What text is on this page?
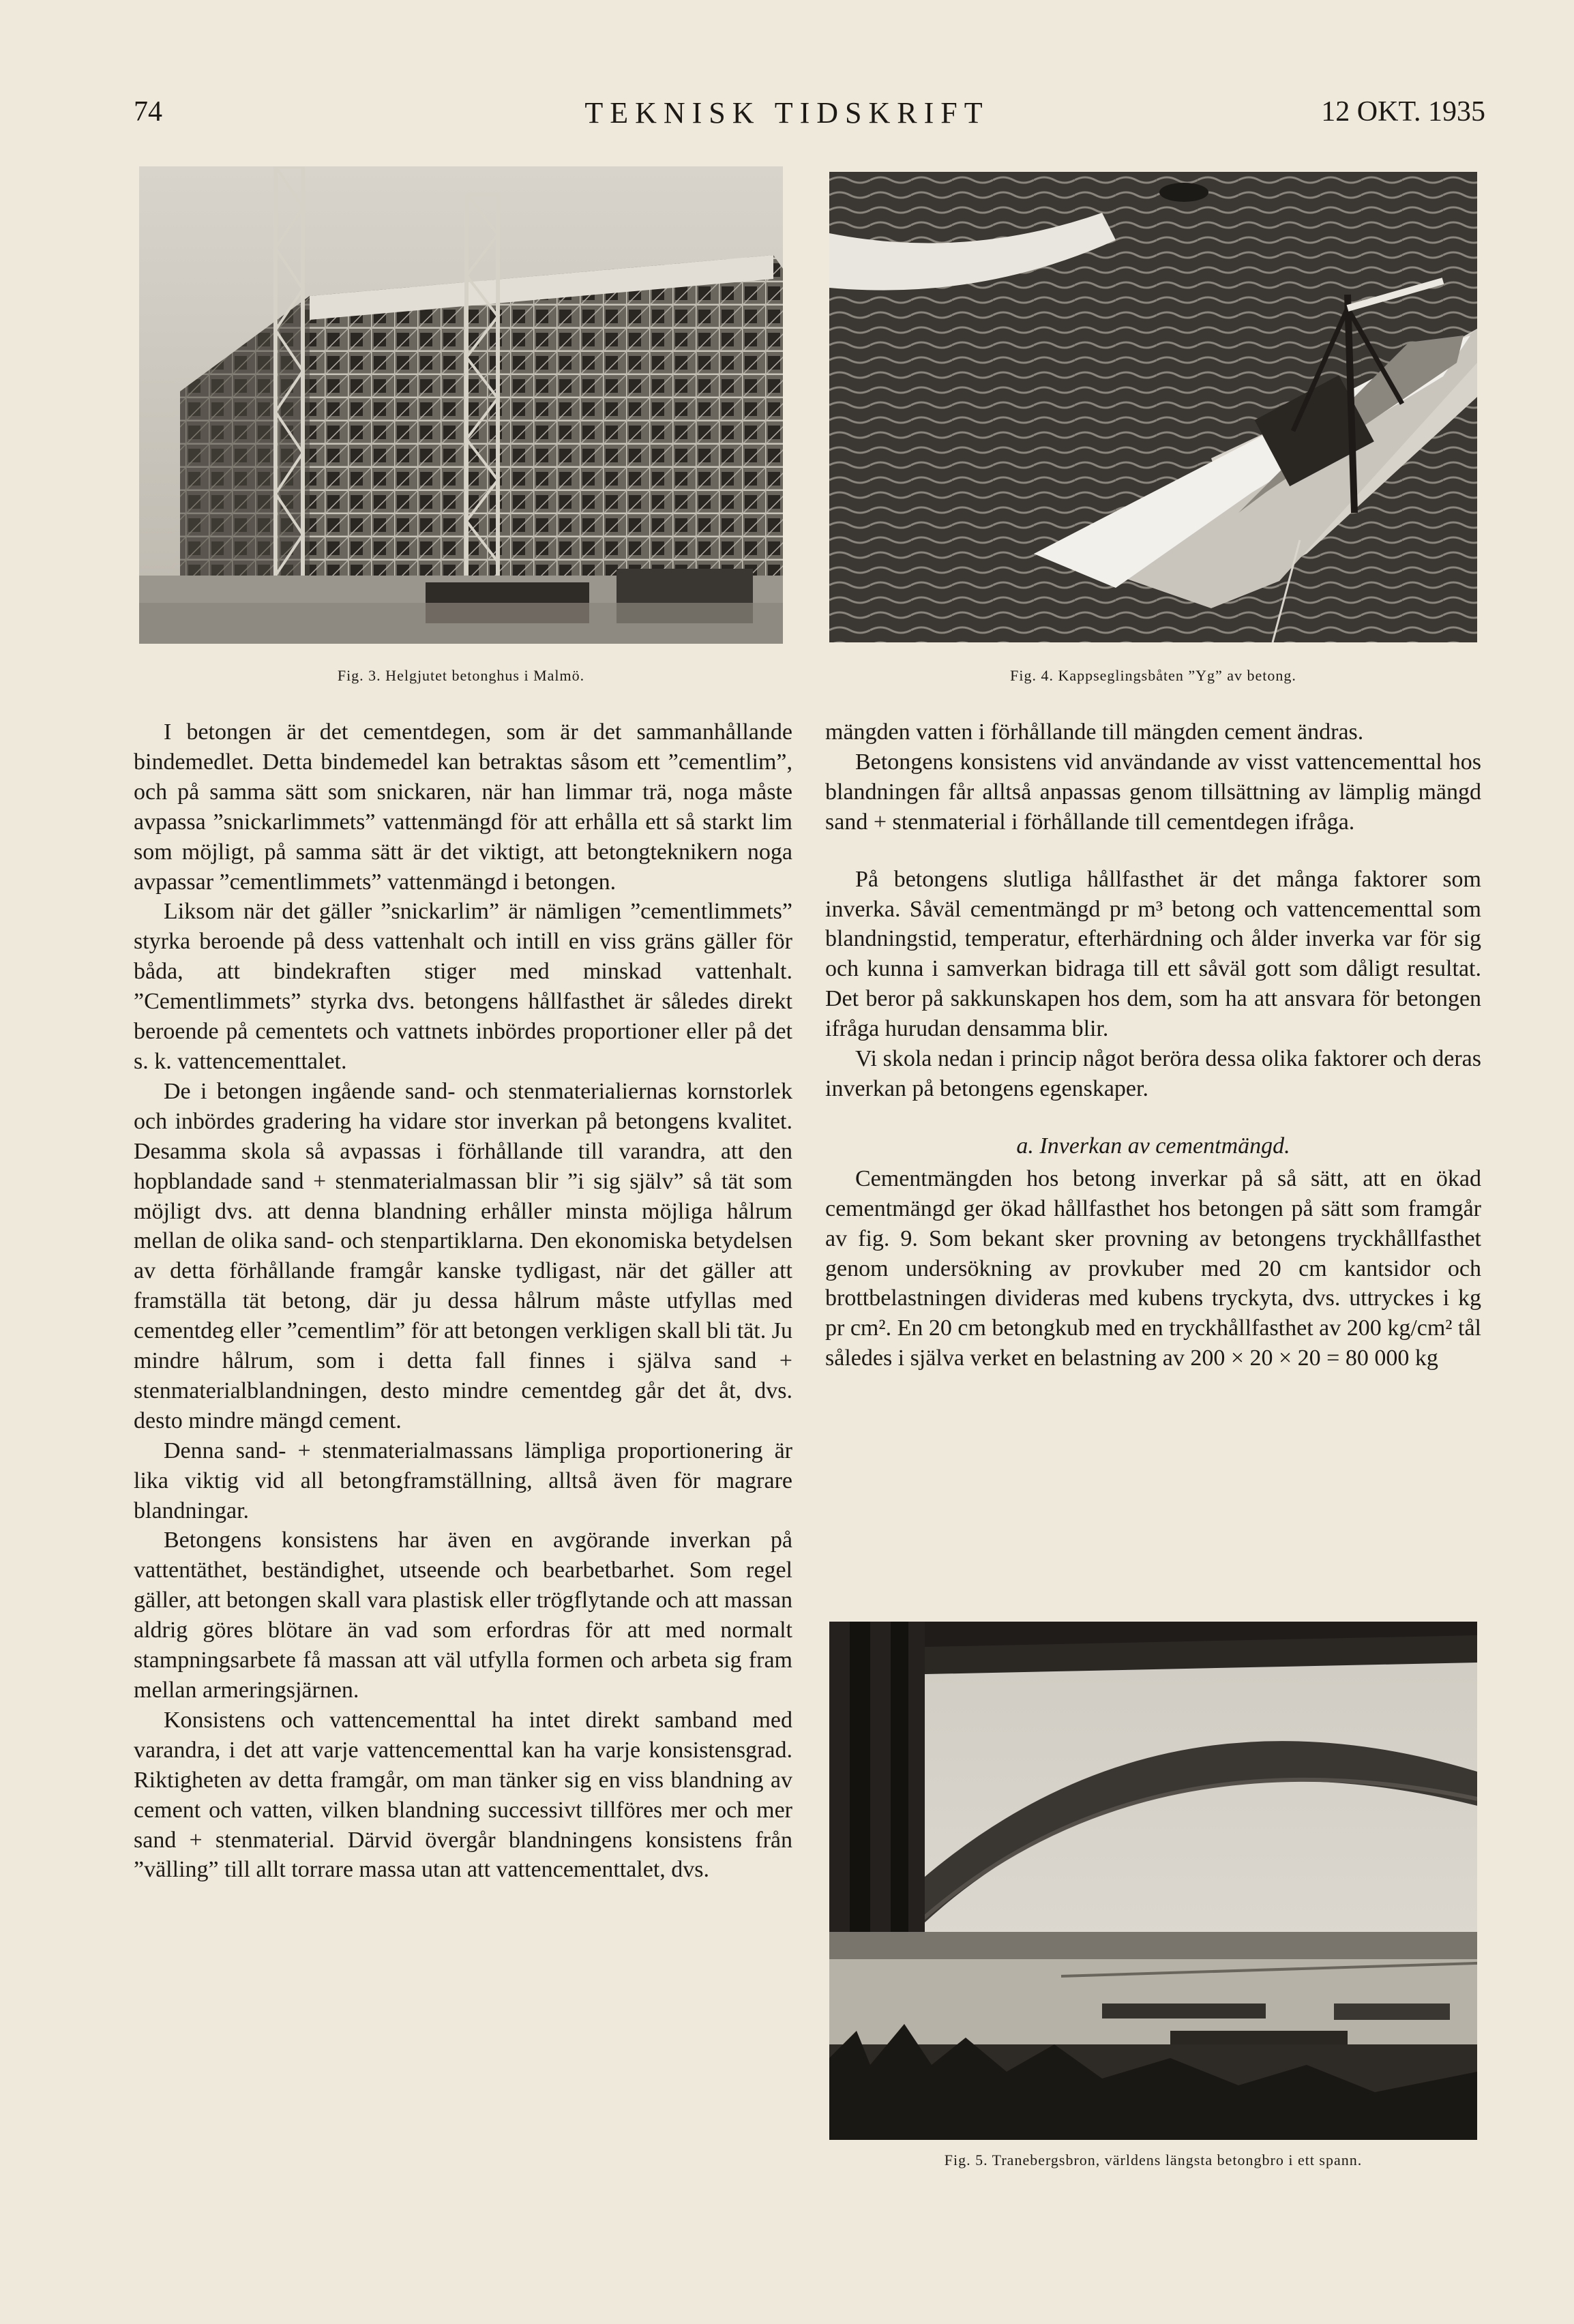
74	TEKNISK TIDSKRIFT	12 OKT. 1935
Fig. 3. Helgjutet betonghus i Malmö.	Fig. 4. Kappseglingsbåten ”Yg” av betong.

I betongen är det cementdegen, som är det sammanhållande bindemedlet. Detta bindemedel kan betraktas såsom ett ”cementlim”, och på samma sätt som snickaren, när han limmar trä, noga måste avpassa ”snickarlimmets” vattenmängd för att erhålla ett så starkt lim som möjligt, på samma sätt är det viktigt, att betongteknikern noga avpassar ”cementlimmets” vattenmängd i betongen.

Liksom när det gäller ”snickarlim” är nämligen ”cementlimmets” styrka beroende på dess vattenhalt och intill en viss gräns gäller för båda, att bindekraften stiger med minskad vattenhalt. ”Cementlimmets” styrka dvs. betongens hållfasthet är således direkt beroende på cementets och vattnets inbördes proportioner eller på det s. k. vattencementtalet.

De i betongen ingående sand- och stenmaterialiernas kornstorlek och inbördes gradering ha vidare stor inverkan på betongens kvalitet. Desamma skola så avpassas i förhållande till varandra, att den hopblandade sand + stenmaterialmassan blir ”i sig själv” så tät som möjligt dvs. att denna blandning erhåller minsta möjliga hålrum mellan de olika sand- och stenpartiklarna. Den ekonomiska betydelsen av detta förhållande framgår kanske tydligast, när det gäller att framställa tät betong, där ju dessa hålrum måste utfyllas med cementdeg eller ”cementlim” för att betongen verkligen skall bli tät. Ju mindre hålrum, som i detta fall finnes i själva sand + stenmaterialblandningen, desto mindre cementdeg går det åt, dvs. desto mindre mängd cement.

Denna sand- + stenmaterialmassans lämpliga proportionering är lika viktig vid all betongframställning, alltså även för magrare blandningar.

Betongens konsistens har även en avgörande inverkan på vattentäthet, beständighet, utseende och bearbetbarhet. Som regel gäller, att betongen skall vara plastisk eller trögflytande och att massan aldrig göres blötare än vad som erfordras för att med normalt stampningsarbete få massan att väl utfylla formen och arbeta sig fram mellan armeringsjärnen.

Konsistens och vattencementtal ha intet direkt samband med varandra, i det att varje vattencementtal kan ha varje konsistensgrad. Riktigheten av detta framgår, om man tänker sig en viss blandning av cement och vatten, vilken blandning successivt tillföres mer och mer sand + stenmaterial. Därvid övergår blandningens konsistens från ”välling” till allt torrare massa utan att vattencementtalet, dvs.

mängden vatten i förhållande till mängden cement ändras.

Betongens konsistens vid användande av visst vattencementtal hos blandningen får alltså anpassas genom tillsättning av lämplig mängd sand + stenmaterial i förhållande till cementdegen ifråga.

På betongens slutliga hållfasthet är det många faktorer som inverka. Såväl cementmängd pr m³ betong och vattencementtal som blandningstid, temperatur, efterhärdning och ålder inverka var för sig och kunna i samverkan bidraga till ett såväl gott som dåligt resultat. Det beror på sakkunskapen hos dem, som ha att ansvara för betongen ifråga hurudan densamma blir.

Vi skola nedan i princip något beröra dessa olika faktorer och deras inverkan på betongens egenskaper.

a. Inverkan av cementmängd.

Cementmängden hos betong inverkar på så sätt, att en ökad cementmängd ger ökad hållfasthet hos betongen på sätt som framgår av fig. 9. Som bekant sker provning av betongens tryckhållfasthet genom undersökning av provkuber med 20 cm kantsidor och brottbelastningen divideras med kubens tryckyta, dvs. uttryckes i kg pr cm². En 20 cm betongkub med en tryckhållfasthet av 200 kg/cm² tål således i själva verket en belastning av 200 × 20 × 20 = 80 000 kg

Fig. 5. Tranebergsbron, världens längsta betongbro i ett spann.
